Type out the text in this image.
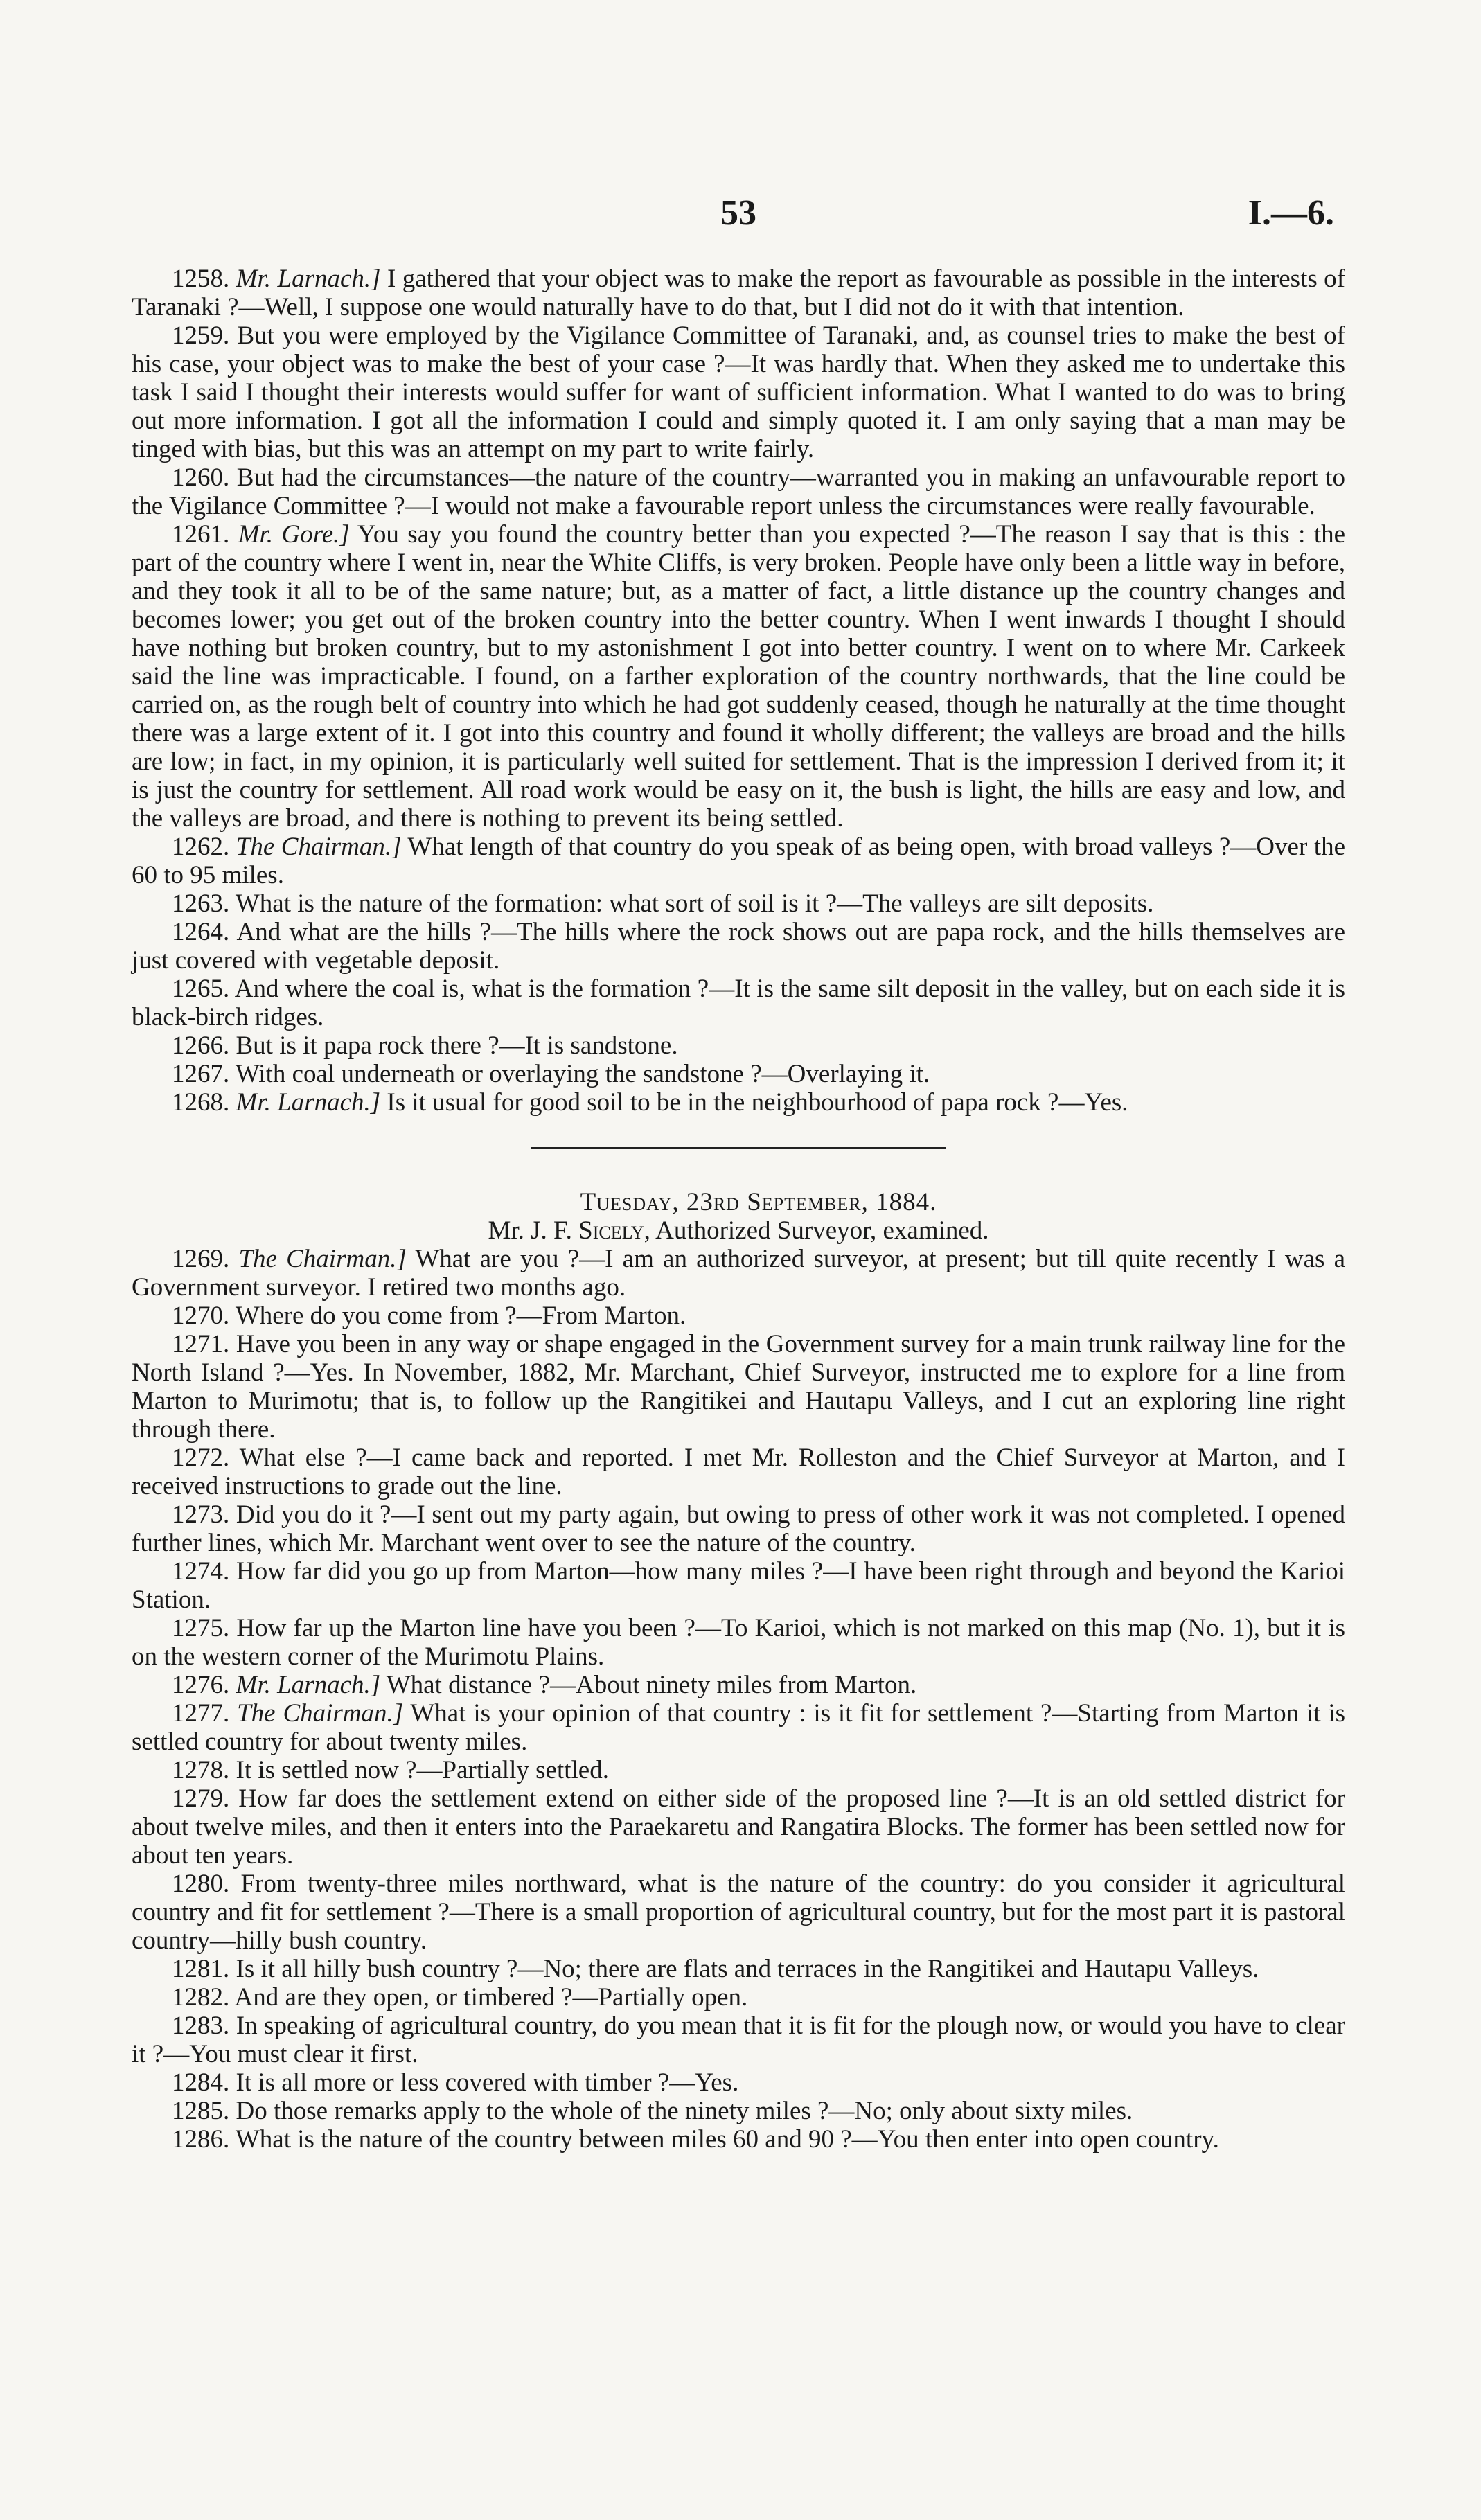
53	I.—6.

1258. Mr. Larnach.] I gathered that your object was to make the report as favourable as possible in the interests of Taranaki ?—Well, I suppose one would naturally have to do that, but I did not do it with that intention.

1259. But you were employed by the Vigilance Committee of Taranaki, and, as counsel tries to make the best of his case, your object was to make the best of your case ?—It was hardly that. When they asked me to undertake this task I said I thought their interests would suffer for want of sufficient information. What I wanted to do was to bring out more information. I got all the information I could and simply quoted it. I am only saying that a man may be tinged with bias, but this was an attempt on my part to write fairly.

1260. But had the circumstances—the nature of the country—warranted you in making an unfavourable report to the Vigilance Committee ?—I would not make a favourable report unless the circumstances were really favourable.

1261. Mr. Gore.] You say you found the country better than you expected ?—The reason I say that is this : the part of the country where I went in, near the White Cliffs, is very broken. People have only been a little way in before, and they took it all to be of the same nature; but, as a matter of fact, a little distance up the country changes and becomes lower; you get out of the broken country into the better country. When I went inwards I thought I should have nothing but broken country, but to my astonishment I got into better country. I went on to where Mr. Carkeek said the line was impracticable. I found, on a farther exploration of the country northwards, that the line could be carried on, as the rough belt of country into which he had got suddenly ceased, though he naturally at the time thought there was a large extent of it. I got into this country and found it wholly different; the valleys are broad and the hills are low; in fact, in my opinion, it is particularly well suited for settlement. That is the impression I derived from it; it is just the country for settlement. All road work would be easy on it, the bush is light, the hills are easy and low, and the valleys are broad, and there is nothing to prevent its being settled.

1262. The Chairman.] What length of that country do you speak of as being open, with broad valleys ?—Over the 60 to 95 miles.

1263. What is the nature of the formation: what sort of soil is it ?—The valleys are silt deposits.

1264. And what are the hills ?—The hills where the rock shows out are papa rock, and the hills themselves are just covered with vegetable deposit.

1265. And where the coal is, what is the formation ?—It is the same silt deposit in the valley, but on each side it is black-birch ridges.

1266. But is it papa rock there ?—It is sandstone.

1267. With coal underneath or overlaying the sandstone ?—Overlaying it.

1268. Mr. Larnach.] Is it usual for good soil to be in the neighbourhood of papa rock ?—Yes.

Tuesday, 23rd September, 1884.

Mr. J. F. Sicely, Authorized Surveyor, examined.

1269. The Chairman.] What are you ?—I am an authorized surveyor, at present; but till quite recently I was a Government surveyor. I retired two months ago.

1270. Where do you come from ?—From Marton.

1271. Have you been in any way or shape engaged in the Government survey for a main trunk railway line for the North Island ?—Yes. In November, 1882, Mr. Marchant, Chief Surveyor, instructed me to explore for a line from Marton to Murimotu; that is, to follow up the Rangitikei and Hautapu Valleys, and I cut an exploring line right through there.

1272. What else ?—I came back and reported. I met Mr. Rolleston and the Chief Surveyor at Marton, and I received instructions to grade out the line.

1273. Did you do it ?—I sent out my party again, but owing to press of other work it was not completed. I opened further lines, which Mr. Marchant went over to see the nature of the country.

1274. How far did you go up from Marton—how many miles ?—I have been right through and beyond the Karioi Station.

1275. How far up the Marton line have you been ?—To Karioi, which is not marked on this map (No. 1), but it is on the western corner of the Murimotu Plains.

1276. Mr. Larnach.] What distance ?—About ninety miles from Marton.

1277. The Chairman.] What is your opinion of that country : is it fit for settlement ?—Starting from Marton it is settled country for about twenty miles.

1278. It is settled now ?—Partially settled.

1279. How far does the settlement extend on either side of the proposed line ?—It is an old settled district for about twelve miles, and then it enters into the Paraekaretu and Rangatira Blocks. The former has been settled now for about ten years.

1280. From twenty-three miles northward, what is the nature of the country: do you consider it agricultural country and fit for settlement ?—There is a small proportion of agricultural country, but for the most part it is pastoral country—hilly bush country.

1281. Is it all hilly bush country ?—No; there are flats and terraces in the Rangitikei and Hautapu Valleys.

1282. And are they open, or timbered ?—Partially open.

1283. In speaking of agricultural country, do you mean that it is fit for the plough now, or would you have to clear it ?—You must clear it first.

1284. It is all more or less covered with timber ?—Yes.

1285. Do those remarks apply to the whole of the ninety miles ?—No; only about sixty miles.

1286. What is the nature of the country between miles 60 and 90 ?—You then enter into open country.
